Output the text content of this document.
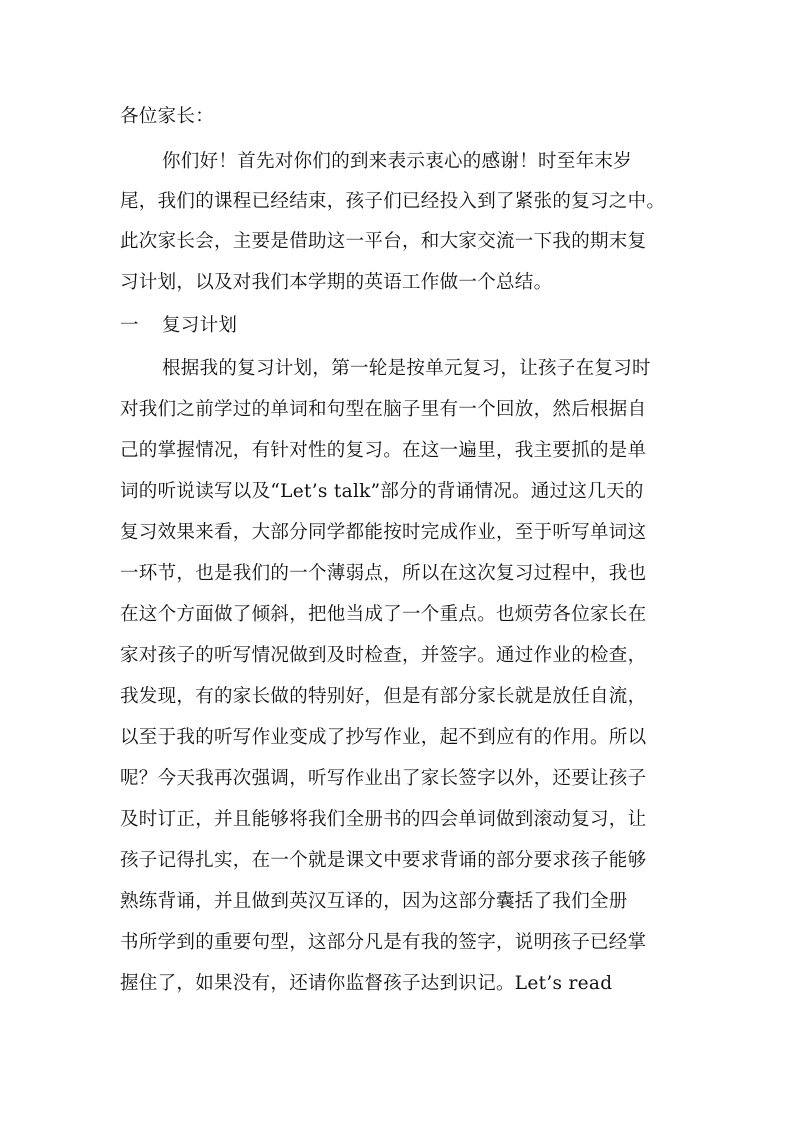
各位家长：
你们好！首先对你们的到来表示衷心的感谢！时至年末岁
尾，我们的课程已经结束，孩子们已经投入到了紧张的复习之中。
此次家长会，主要是借助这一平台，和大家交流一下我的期末复
习计划，以及对我们本学期的英语工作做一个总结。
一 复习计划
根据我的复习计划，第一轮是按单元复习，让孩子在复习时
对我们之前学过的单词和句型在脑子里有一个回放，然后根据自
己的掌握情况，有针对性的复习。在这一遍里，我主要抓的是单
词的听说读写以及“Let’s talk”部分的背诵情况。通过这几天的
复习效果来看，大部分同学都能按时完成作业，至于听写单词这
一环节，也是我们的一个薄弱点，所以在这次复习过程中，我也
在这个方面做了倾斜，把他当成了一个重点。也烦劳各位家长在
家对孩子的听写情况做到及时检查，并签字。通过作业的检查，
我发现，有的家长做的特别好，但是有部分家长就是放任自流，
以至于我的听写作业变成了抄写作业，起不到应有的作用。所以
呢？今天我再次强调，听写作业出了家长签字以外，还要让孩子
及时订正，并且能够将我们全册书的四会单词做到滚动复习，让
孩子记得扎实，在一个就是课文中要求背诵的部分要求孩子能够
熟练背诵，并且做到英汉互译的，因为这部分囊括了我们全册
书所学到的重要句型，这部分凡是有我的签字，说明孩子已经掌
握住了，如果没有，还请你监督孩子达到识记。Let’s read
